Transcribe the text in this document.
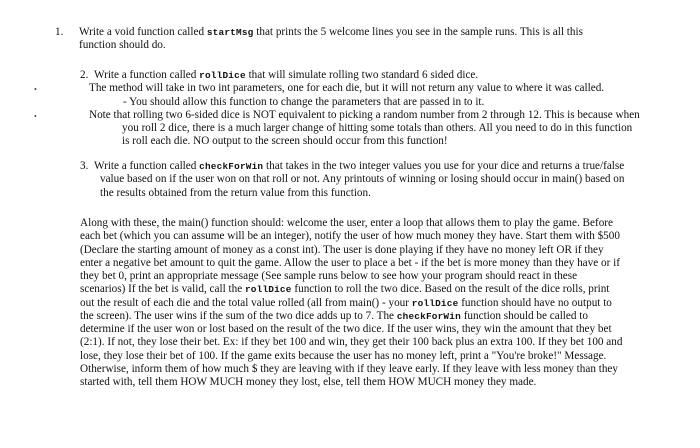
•
•
1. Write a void function called startMsg that prints the 5 welcome lines you see in the sample runs. This is all this function should do.
2. Write a function called rollDice that will simulate rolling two standard 6 sided dice.
The method will take in two int parameters, one for each die, but it will not return any value to where it was called.
- You should allow this function to change the parameters that are passed in to it.
Note that rolling two 6-sided dice is NOT equivalent to picking a random number from 2 through 12. This is because when you roll 2 dice, there is a much larger change of hitting some totals than others. All you need to do in this function is roll each die. NO output to the screen should occur from this function!
3. Write a function called checkForWin that takes in the two integer values you use for your dice and returns a true/false value based on if the user won on that roll or not. Any printouts of winning or losing should occur in main() based on the results obtained from the return value from this function.
Along with these, the main() function should: welcome the user, enter a loop that allows them to play the game. Before each bet (which you can assume will be an integer), notify the user of how much money they have. Start them with $500 (Declare the starting amount of money as a const int). The user is done playing if they have no money left OR if they enter a negative bet amount to quit the game. Allow the user to place a bet - if the bet is more money than they have or if they bet 0, print an appropriate message (See sample runs below to see how your program should react in these scenarios) If the bet is valid, call the rollDice function to roll the two dice. Based on the result of the dice rolls, print out the result of each die and the total value rolled (all from main() - your rollDice function should have no output to the screen). The user wins if the sum of the two dice adds up to 7. The checkForWin function should be called to determine if the user won or lost based on the result of the two dice. If the user wins, they win the amount that they bet (2:1). If not, they lose their bet. Ex: if they bet 100 and win, they get their 100 back plus an extra 100. If they bet 100 and lose, they lose their bet of 100. If the game exits because the user has no money left, print a "You're broke!" Message. Otherwise, inform them of how much $ they are leaving with if they leave early. If they leave with less money than they started with, tell them HOW MUCH money they lost, else, tell them HOW MUCH money they made.
